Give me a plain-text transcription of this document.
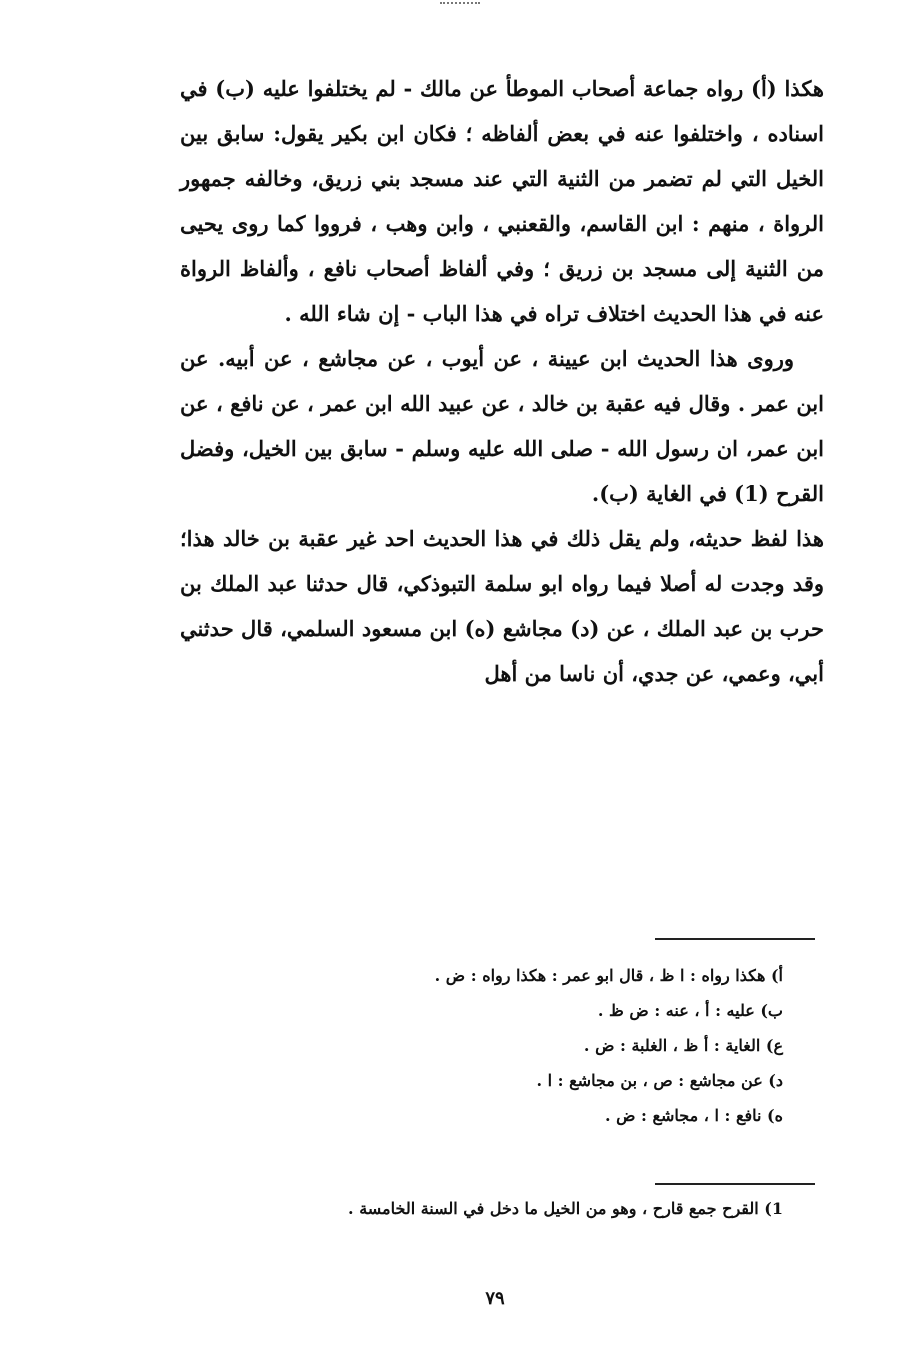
هكذا (أ) رواه جماعة أصحاب الموطأ عن مالك - لم يختلفوا عليه (ب) في اسناده ، واختلفوا عنه في بعض ألفاظه ؛ فكان ابن بكير يقول: سابق بين الخيل التي لم تضمر من الثنية التي عند مسجد بني زريق، وخالفه جمهور الرواة ، منهم : ابن القاسم، والقعنبي ، وابن وهب ، فرووا كما روى يحيى من الثنية إلى مسجد بن زريق ؛ وفي ألفاظ أصحاب نافع ، وألفاظ الرواة عنه في هذا الحديث اختلاف تراه في هذا الباب - إن شاء الله .

وروى هذا الحديث ابن عيينة ، عن أيوب ، عن مجاشع ، عن أبيه. عن ابن عمر . وقال فيه عقبة بن خالد ، عن عبيد الله ابن عمر ، عن نافع ، عن ابن عمر، ان رسول الله - صلى الله عليه وسلم - سابق بين الخيل، وفضل القرح (1) في الغاية (ب).

هذا لفظ حديثه، ولم يقل ذلك في هذا الحديث احد غير عقبة بن خالد هذا؛ وقد وجدت له أصلا فيما رواه ابو سلمة التبوذكي، قال حدثنا عبد الملك بن حرب بن عبد الملك ، عن (د) مجاشع (ه) ابن مسعود السلمي، قال حدثني أبي، وعمي، عن جدي، أن ناسا من أهل

أ) هكذا رواه : ا ظ ، قال ابو عمر : هكذا رواه : ض .
ب) عليه : أ ، عنه : ض ظ .
ع) الغاية : أ ظ ، الغلبة : ض .
د) عن مجاشع : ص ، بن مجاشع : ا .
ه) نافع : ا ، مجاشع : ض .
1) القرح جمع قارح ، وهو من الخيل ما دخل في السنة الخامسة .
٧٩
